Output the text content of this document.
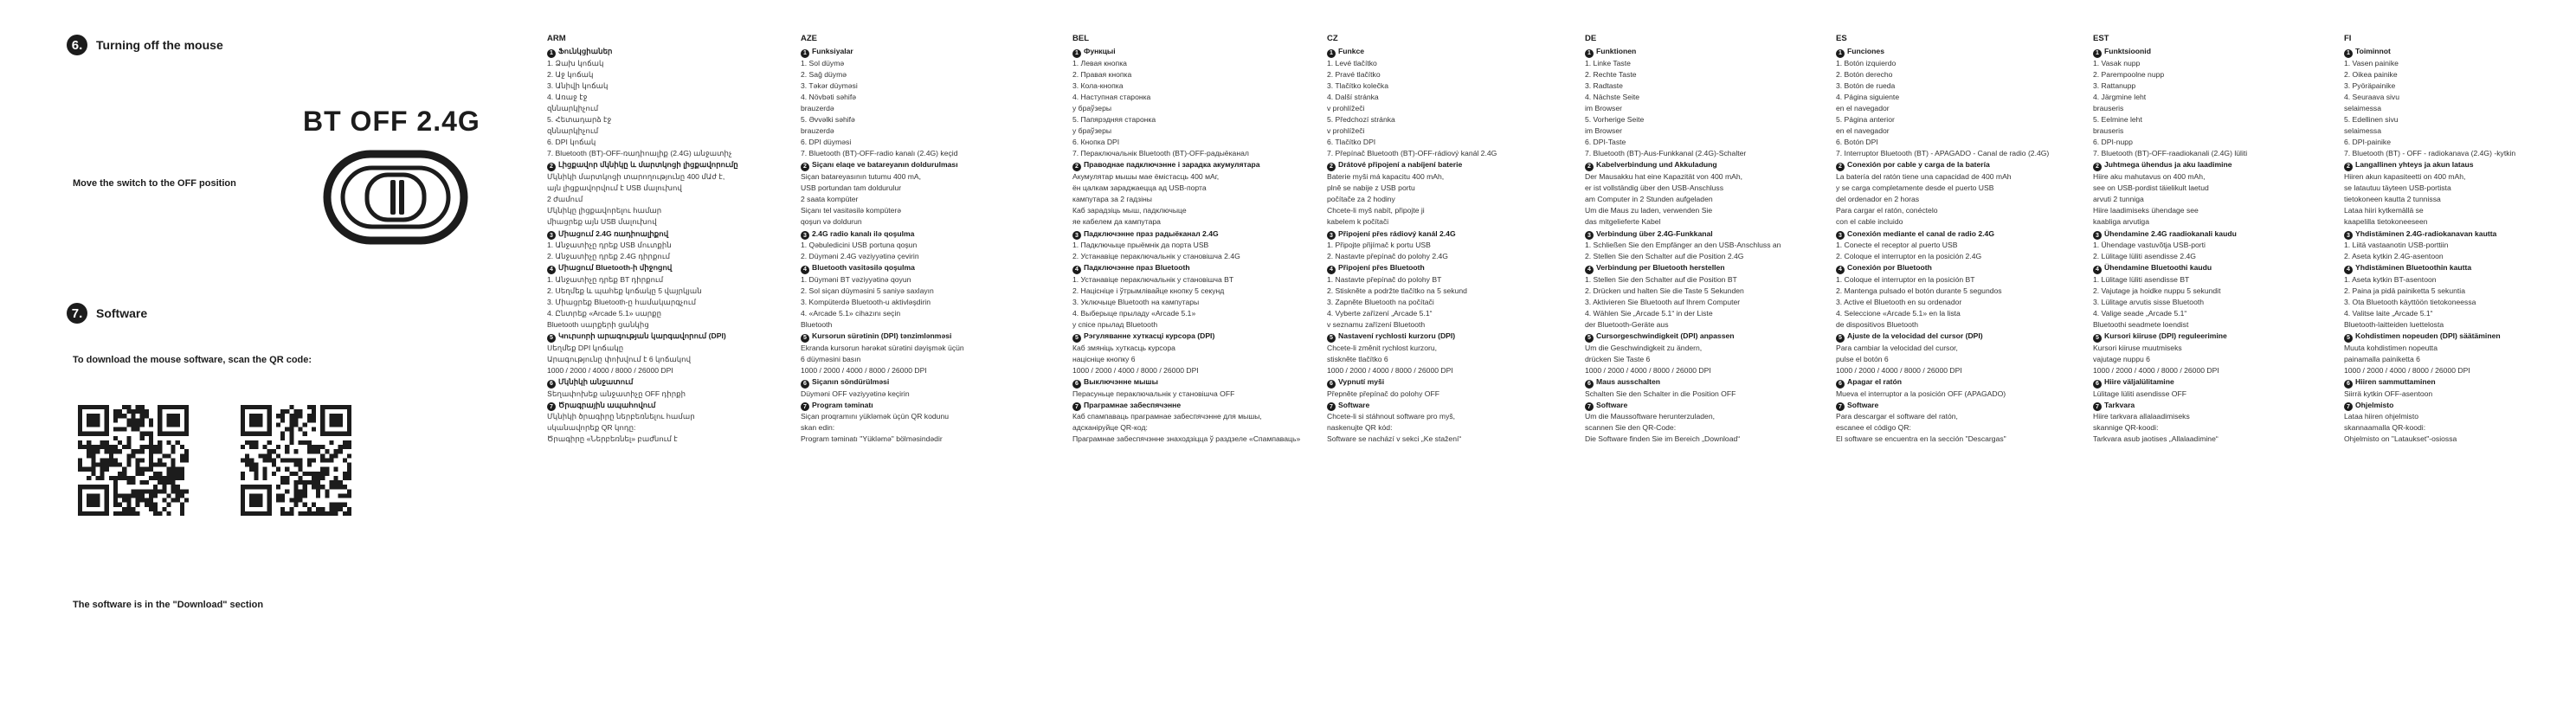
6.	Turning off the mouse
BT OFF 2.4G
Move the switch to the OFF position
7.	Software
To download the mouse software, scan the QR code:
The software is in the "Download" section
ARM
1 Ֆունկցիաներ
1. Ձախ կոճակ
2. Աջ կոճակ
3. Անիվի կոճակ
4. Առաջ էջ
զննարկիչում
5. Հետադարձ էջ
զննարկիչում
6. DPI կոճակ
7. Bluetooth (BT)-OFF-ռադիոալիք (2.4G) անջատիչ
2 Լիցքավոր մկնիկը և մարտկոցի լիցքավորումը
Մկնիկի մարտկոցի տարողությունը 400 մԱժ է,
այն լիցքավորվում է USB մալուխով
2 ժամում
Մկնիկը լիցքավորելու համար
միացրեք այն USB մալուխով
3 Միացում 2.4G ռադիոալիքով
1. Անջատիչը դրեք USB մուտքին
2. Անջատիչը դրեք 2.4G դիրքում
4 Միացում Bluetooth-ի միջոցով
1. Անջատիչը դրեք BT դիրքում
2. Սեղմեք և պահեք կոճակը 5 վայրկյան
3. Միացրեք Bluetooth-ը համակարգչում
4. Ընտրեք «Arcade 5.1» սարքը
Bluetooth սարքերի ցանկից
5 Կուրսորի արագության կարգավորում (DPI)
Սեղմեք DPI կոճակը
Արագությունը փոխվում է 6 կոճակով
1000 / 2000 / 4000 / 8000 / 26000 DPI
6 Մկնիկի անջատում
Տեղափոխեք անջատիչը OFF դիրքի
7 Ծրագրային ապահովում
Մկնիկի ծրագիրը ներբեռնելու համար
սկանավորեք QR կոդը:
Ծրագիրը «Ներբեռնել» բաժնում է
AZE
1 Funksiyalar
1. Sol düymə
2. Sağ düymə
3. Təkər düyməsi
4. Növbəti səhifə
brauzerdə
5. Əvvəlki səhifə
brauzerdə
6. DPI düyməsi
7. Bluetooth (BT)-OFF-radio kanalı (2.4G) keçid
2 Siçanı elaqe ve batareyanın doldurulması
Siçan batareyasının tutumu 400 mA,
USB portundan tam doldurulur
2 saata kompüter
Siçanı tel vasitəsilə kompüterə
qoşun və doldurun
3 2.4G radio kanalı ilə qoşulma
1. Qəbuledicini USB portuna qoşun
2. Düyməni 2.4G vəziyyətinə çevirin
4 Bluetooth vasitəsilə qoşulma
1. Düyməni BT vəziyyətinə qoyun
2. Sol siçan düyməsini 5 saniyə saxlayın
3. Kompüterdə Bluetooth-u aktivləşdirin
4. «Arcade 5.1» cihazını seçin
Bluetooth
5 Kursorun sürətinin (DPI) tənzimlənməsi
Ekranda kursorun hərəkət sürətini dəyişmək üçün
6 düyməsini basın
1000 / 2000 / 4000 / 8000 / 26000 DPI
6 Siçanın söndürülməsi
Düyməni OFF vəziyyətinə keçirin
7 Program təminatı
Siçan proqramını yükləmək üçün QR kodunu
skan edin:
Program təminatı "Yükləmə" bölməsindədir
BEL
1 Функцыі
1. Левая кнопка
2. Правая кнопка
3. Кола-кнопка
4. Наступная старонка
у браўзеры
5. Папярэдняя старонка
у браўзеры
6. Кнопка DPI
7. Пераключальнік Bluetooth (BT)-OFF-радыёканал
2 Праводнае падключэнне і зарадка акумулятара
Акумулятар мышы мае ёмістасць 400 мАг,
ён цалкам зараджаецца ад USB-порта
кампутара за 2 гадзіны
Каб зарадзіць мыш, падключыце
яе кабелем да кампутара
3 Падключэнне праз радыёканал 2.4G
1. Падключыце прыёмнік да порта USB
2. Устанавіце пераключальнік у становішча 2.4G
4 Падключэнне праз Bluetooth
1. Устанавіце пераключальнік у становішча BT
2. Націсніце і ўтрымлівайце кнопку 5 секунд
3. Уключыце Bluetooth на кампутары
4. Выберыце прыладу «Arcade 5.1»
у спісе прылад Bluetooth
5 Рэгуляванне хуткасці курсора (DPI)
Каб змяніць хуткасць курсора
націсніце кнопку 6
1000 / 2000 / 4000 / 8000 / 26000 DPI
6 Выключэнне мышы
Перасуньце пераключальнік у становішча OFF
7 Праграмнае забеспячэнне
Каб спампаваць праграмнае забеспячэнне для мышы,
адсканіруйце QR-код:
Праграмнае забеспячэнне знаходзіцца ў раздзеле «Спампаваць»
CZ
1 Funkce
1. Levé tlačítko
2. Pravé tlačítko
3. Tlačítko kolečka
4. Další stránka
v prohlížeči
5. Předchozí stránka
v prohlížeči
6. Tlačítko DPI
7. Přepínač Bluetooth (BT)-OFF-rádiový kanál 2.4G
2 Drátové připojení a nabíjení baterie
Baterie myši má kapacitu 400 mAh,
plně se nabije z USB portu
počítače za 2 hodiny
Chcete-li myš nabít, připojte ji
kabelem k počítači
3 Připojení přes rádiový kanál 2.4G
1. Připojte přijímač k portu USB
2. Nastavte přepínač do polohy 2.4G
4 Připojení přes Bluetooth
1. Nastavte přepínač do polohy BT
2. Stiskněte a podržte tlačítko na 5 sekund
3. Zapněte Bluetooth na počítači
4. Vyberte zařízení „Arcade 5.1“
v seznamu zařízení Bluetooth
5 Nastavení rychlosti kurzoru (DPI)
Chcete-li změnit rychlost kurzoru,
stiskněte tlačítko 6
1000 / 2000 / 4000 / 8000 / 26000 DPI
6 Vypnutí myši
Přepněte přepínač do polohy OFF
7 Software
Chcete-li si stáhnout software pro myš,
naskenujte QR kód:
Software se nachází v sekci „Ke stažení“
DE
1 Funktionen
1. Linke Taste
2. Rechte Taste
3. Radtaste
4. Nächste Seite
im Browser
5. Vorherige Seite
im Browser
6. DPI-Taste
7. Bluetooth (BT)-Aus-Funkkanal (2.4G)-Schalter
2 Kabelverbindung und Akkuladung
Der Mausakku hat eine Kapazität von 400 mAh,
er ist vollständig über den USB-Anschluss
am Computer in 2 Stunden aufgeladen
Um die Maus zu laden, verwenden Sie
das mitgelieferte Kabel
3 Verbindung über 2.4G-Funkkanal
1. Schließen Sie den Empfänger an den USB-Anschluss an
2. Stellen Sie den Schalter auf die Position 2.4G
4 Verbindung per Bluetooth herstellen
1. Stellen Sie den Schalter auf die Position BT
2. Drücken und halten Sie die Taste 5 Sekunden
3. Aktivieren Sie Bluetooth auf Ihrem Computer
4. Wählen Sie „Arcade 5.1“ in der Liste
der Bluetooth-Geräte aus
5 Cursorgeschwindigkeit (DPI) anpassen
Um die Geschwindigkeit zu ändern,
drücken Sie Taste 6
1000 / 2000 / 4000 / 8000 / 26000 DPI
6 Maus ausschalten
Schalten Sie den Schalter in die Position OFF
7 Software
Um die Maussoftware herunterzuladen,
scannen Sie den QR-Code:
Die Software finden Sie im Bereich „Download“
ES
1 Funciones
1. Botón izquierdo
2. Botón derecho
3. Botón de rueda
4. Página siguiente
en el navegador
5. Página anterior
en el navegador
6. Botón DPI
7. Interruptor Bluetooth (BT) - APAGADO - Canal de radio (2.4G)
2 Conexión por cable y carga de la batería
La batería del ratón tiene una capacidad de 400 mAh
y se carga completamente desde el puerto USB
del ordenador en 2 horas
Para cargar el ratón, conéctelo
con el cable incluido
3 Conexión mediante el canal de radio 2.4G
1. Conecte el receptor al puerto USB
2. Coloque el interruptor en la posición 2.4G
4 Conexión por Bluetooth
1. Coloque el interruptor en la posición BT
2. Mantenga pulsado el botón durante 5 segundos
3. Active el Bluetooth en su ordenador
4. Seleccione «Arcade 5.1» en la lista
de dispositivos Bluetooth
5 Ajuste de la velocidad del cursor (DPI)
Para cambiar la velocidad del cursor,
pulse el botón 6
1000 / 2000 / 4000 / 8000 / 26000 DPI
6 Apagar el ratón
Mueva el interruptor a la posición OFF (APAGADO)
7 Software
Para descargar el software del ratón,
escanee el código QR:
El software se encuentra en la sección "Descargas"
EST
1 Funktsioonid
1. Vasak nupp
2. Parempoolne nupp
3. Rattanupp
4. Järgmine leht
brauseris
5. Eelmine leht
brauseris
6. DPI-nupp
7. Bluetooth (BT)-OFF-raadiokanali (2.4G) lüliti
2 Juhtmega ühendus ja aku laadimine
Hiire aku mahutavus on 400 mAh,
see on USB-pordist täielikult laetud
arvuti 2 tunniga
Hiire laadimiseks ühendage see
kaabliga arvutiga
3 Ühendamine 2.4G raadiokanali kaudu
1. Ühendage vastuvõtja USB-porti
2. Lülitage lüliti asendisse 2.4G
4 Ühendamine Bluetoothi kaudu
1. Lülitage lüliti asendisse BT
2. Vajutage ja hoidke nuppu 5 sekundit
3. Lülitage arvutis sisse Bluetooth
4. Valige seade „Arcade 5.1“
Bluetoothi seadmete loendist
5 Kursori kiiruse (DPI) reguleerimine
Kursori kiiruse muutmiseks
vajutage nuppu 6
1000 / 2000 / 4000 / 8000 / 26000 DPI
6 Hiire väljalülitamine
Lülitage lüliti asendisse OFF
7 Tarkvara
Hiire tarkvara allalaadimiseks
skannige QR-koodi:
Tarkvara asub jaotises „Allalaadimine“
FI
1 Toiminnot
1. Vasen painike
2. Oikea painike
3. Pyöräpainike
4. Seuraava sivu
selaimessa
5. Edellinen sivu
selaimessa
6. DPI-painike
7. Bluetooth (BT) - OFF - radiokanava (2.4G) -kytkin
2 Langallinen yhteys ja akun lataus
Hiiren akun kapasiteetti on 400 mAh,
se latautuu täyteen USB-portista
tietokoneen kautta 2 tunnissa
Lataa hiiri kytkemällä se
kaapelilla tietokoneeseen
3 Yhdistäminen 2.4G-radiokanavan kautta
1. Liitä vastaanotin USB-porttiin
2. Aseta kytkin 2.4G-asentoon
4 Yhdistäminen Bluetoothin kautta
1. Aseta kytkin BT-asentoon
2. Paina ja pidä painiketta 5 sekuntia
3. Ota Bluetooth käyttöön tietokoneessa
4. Valitse laite „Arcade 5.1“
Bluetooth-laitteiden luettelosta
5 Kohdistimen nopeuden (DPI) säätäminen
Muuta kohdistimen nopeutta
painamalla painiketta 6
1000 / 2000 / 4000 / 8000 / 26000 DPI
6 Hiiren sammuttaminen
Siirrä kytkin OFF-asentoon
7 Ohjelmisto
Lataa hiiren ohjelmisto
skannaamalla QR-koodi:
Ohjelmisto on "Lataukset"-osiossa
